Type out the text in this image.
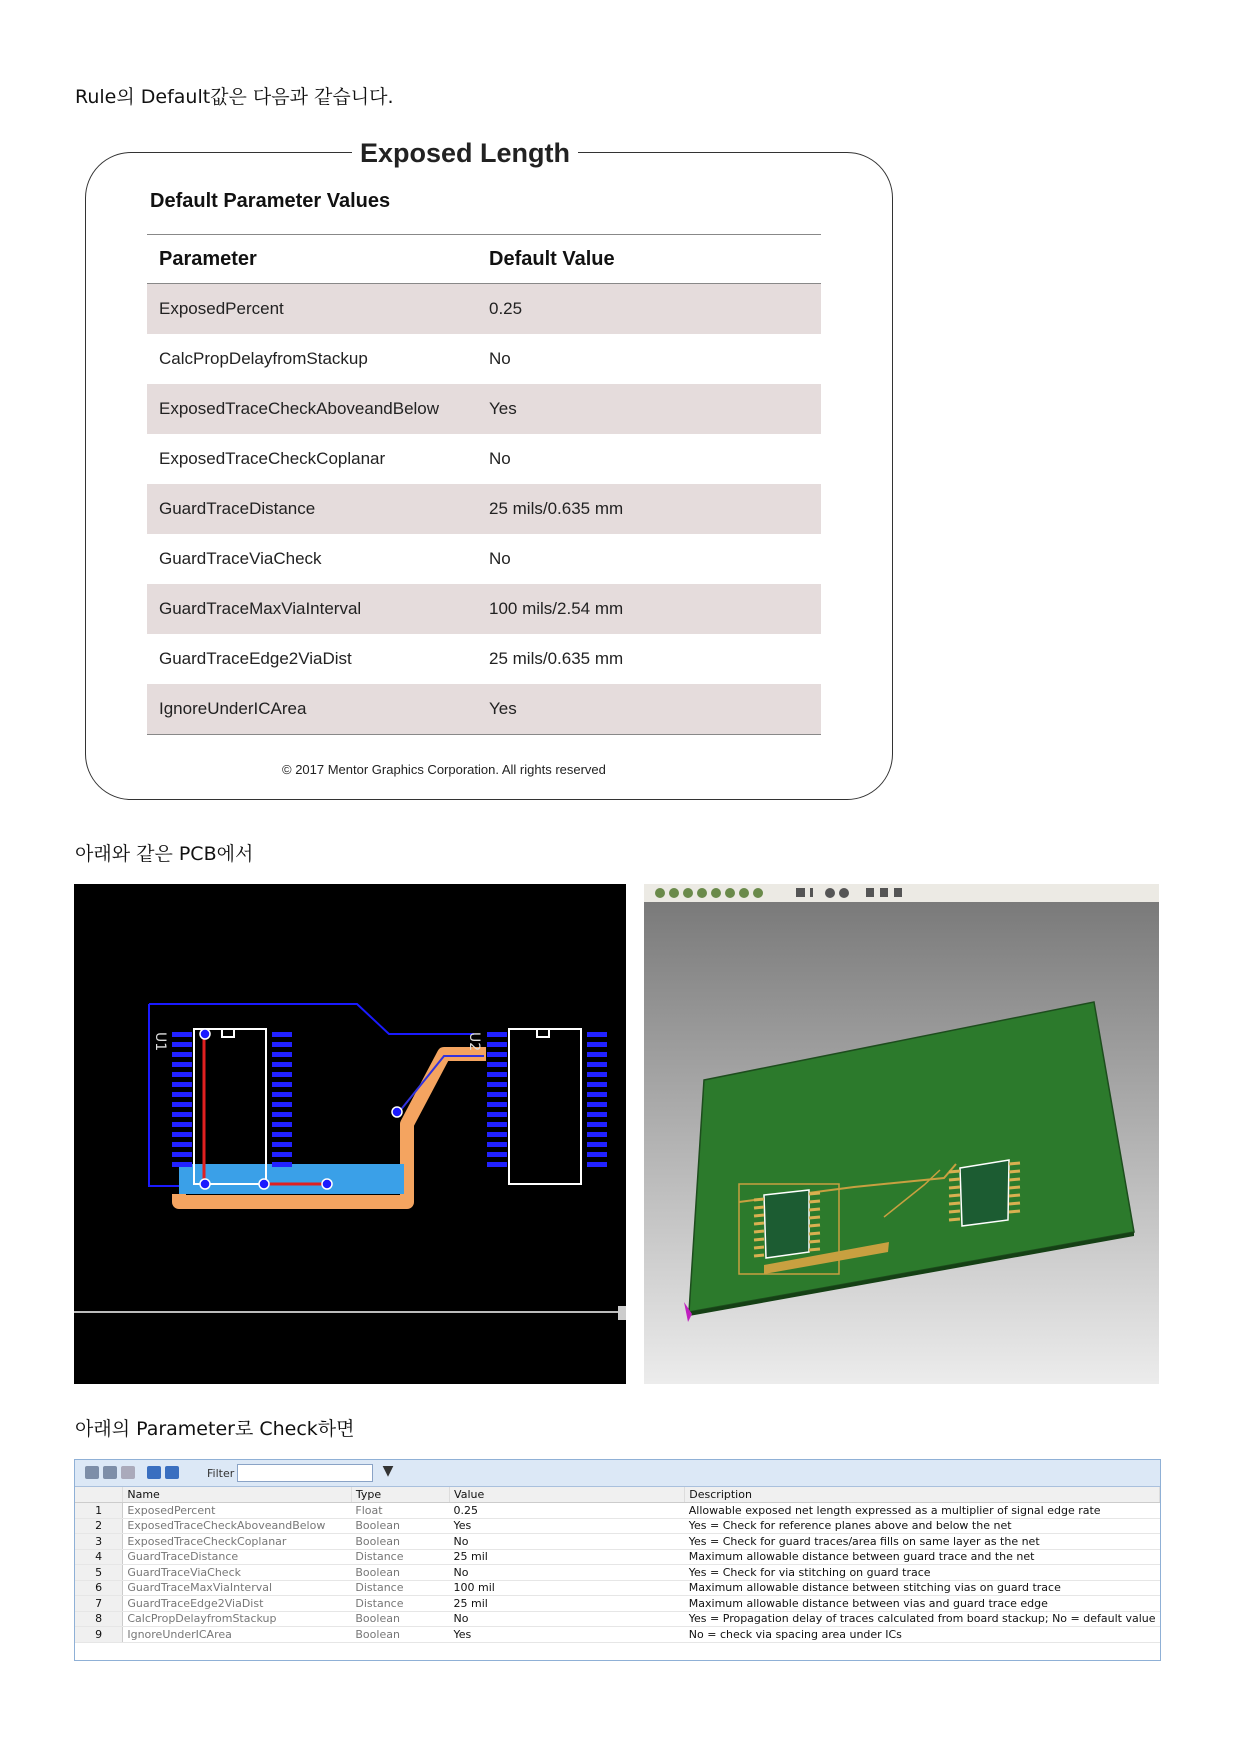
Rule의 Default값은 다음과 같습니다.
Exposed Length
Default Parameter Values
Parameter	Default Value
ExposedPercent	0.25
CalcPropDelayfromStackup	No
ExposedTraceCheckAboveandBelow	Yes
ExposedTraceCheckCoplanar	No
GuardTraceDistance	25 mils/0.635 mm
GuardTraceViaCheck	No
GuardTraceMaxViaInterval	100 mils/2.54 mm
GuardTraceEdge2ViaDist	25 mils/0.635 mm
IgnoreUnderICArea	Yes
© 2017 Mentor Graphics Corporation. All rights reserved
아래와 같은 PCB에서
U1	U2
아래의 Parameter로 Check하면
Filter	▼
	Name	Type	Value	Description
1	ExposedPercent	Float	0.25	Allowable exposed net length expressed as a multiplier of signal edge rate
2	ExposedTraceCheckAboveandBelow	Boolean	Yes	Yes = Check for reference planes above and below the net
3	ExposedTraceCheckCoplanar	Boolean	No	Yes = Check for guard traces/area fills on same layer as the net
4	GuardTraceDistance	Distance	25 mil	Maximum allowable distance between guard trace and the net
5	GuardTraceViaCheck	Boolean	No	Yes = Check for via stitching on guard trace
6	GuardTraceMaxViaInterval	Distance	100 mil	Maximum allowable distance between stitching vias on guard trace
7	GuardTraceEdge2ViaDist	Distance	25 mil	Maximum allowable distance between vias and guard trace edge
8	CalcPropDelayfromStackup	Boolean	No	Yes = Propagation delay of traces calculated from board stackup; No = default value
9	IgnoreUnderICArea	Boolean	Yes	No = check via spacing area under ICs
